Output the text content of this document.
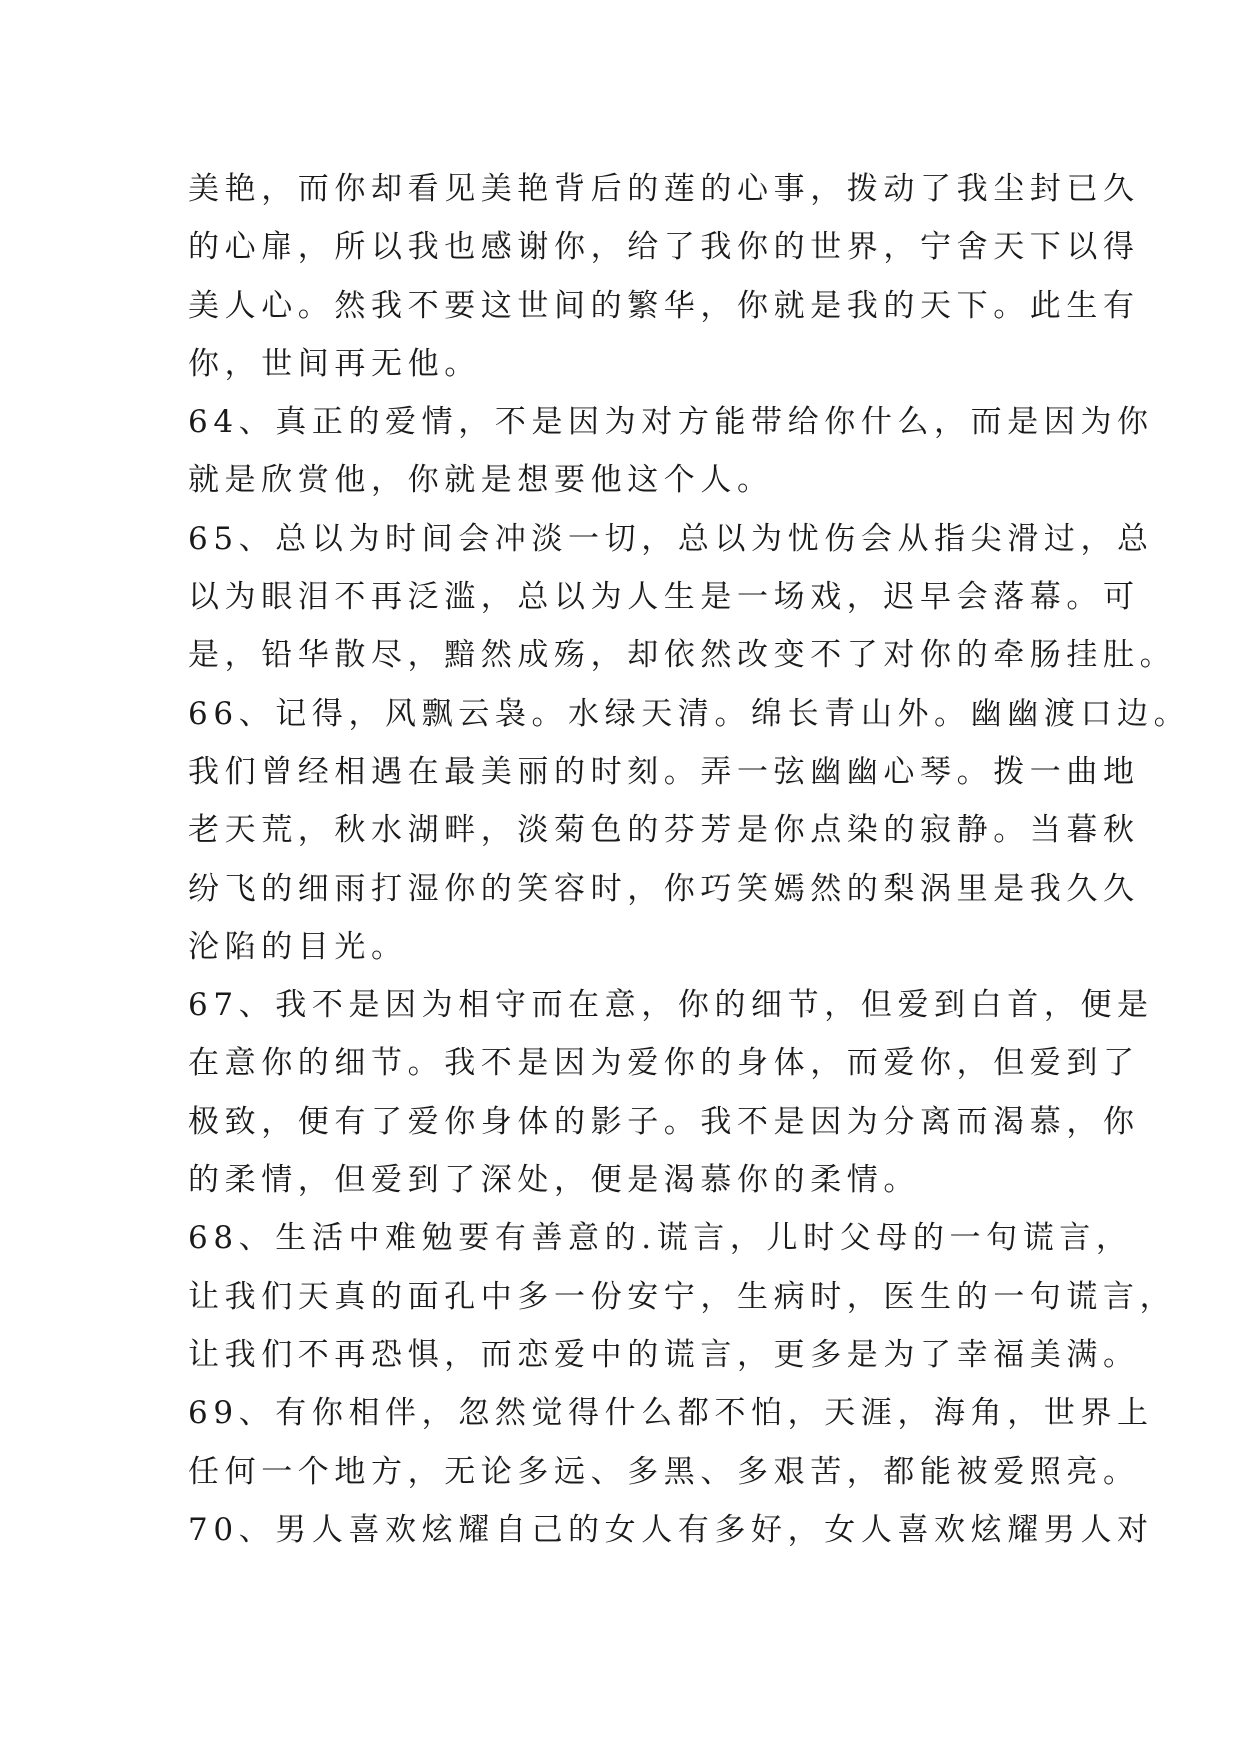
美艳，而你却看见美艳背后的莲的心事，拨动了我尘封已久
的心扉，所以我也感谢你，给了我你的世界，宁舍天下以得
美人心。然我不要这世间的繁华，你就是我的天下。此生有
你，世间再无他。
64、真正的爱情，不是因为对方能带给你什么，而是因为你
就是欣赏他，你就是想要他这个人。
65、总以为时间会冲淡一切，总以为忧伤会从指尖滑过，总
以为眼泪不再泛滥，总以为人生是一场戏，迟早会落幕。可
是，铅华散尽，黯然成殇，却依然改变不了对你的牵肠挂肚。
66、记得，风飘云袅。水绿天清。绵长青山外。幽幽渡口边。
我们曾经相遇在最美丽的时刻。弄一弦幽幽心琴。拨一曲地
老天荒，秋水湖畔，淡菊色的芬芳是你点染的寂静。当暮秋
纷飞的细雨打湿你的笑容时，你巧笑嫣然的梨涡里是我久久
沦陷的目光。
67、我不是因为相守而在意，你的细节，但爱到白首，便是
在意你的细节。我不是因为爱你的身体，而爱你，但爱到了
极致，便有了爱你身体的影子。我不是因为分离而渴慕，你
的柔情，但爱到了深处，便是渴慕你的柔情。
68、生活中难勉要有善意的.谎言，儿时父母的一句谎言，
让我们天真的面孔中多一份安宁，生病时，医生的一句谎言，
让我们不再恐惧，而恋爱中的谎言，更多是为了幸福美满。
69、有你相伴，忽然觉得什么都不怕，天涯，海角，世界上
任何一个地方，无论多远、多黑、多艰苦，都能被爱照亮。
70、男人喜欢炫耀自己的女人有多好，女人喜欢炫耀男人对
